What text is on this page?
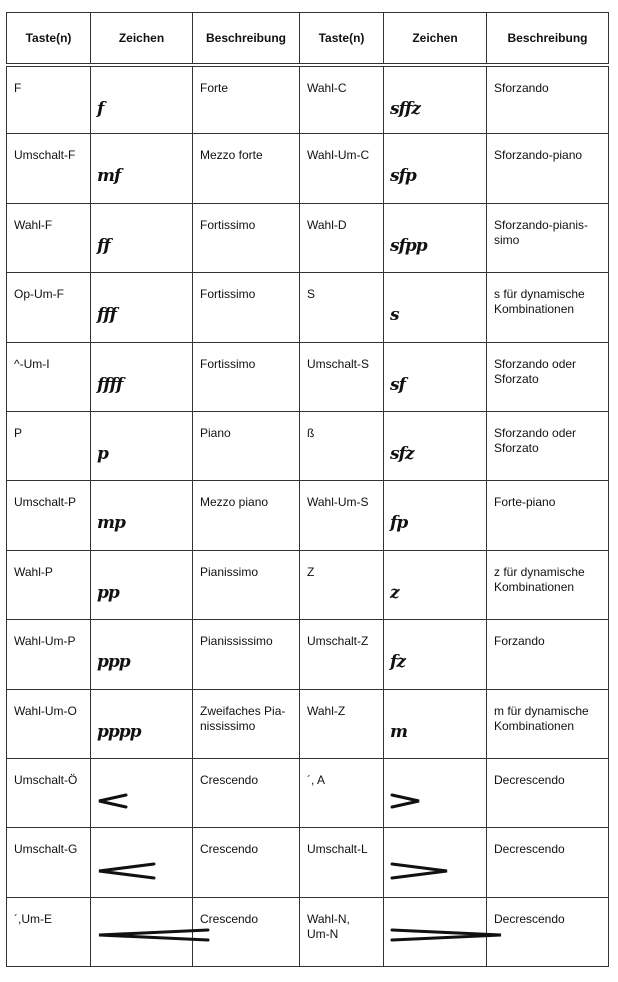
Taste(n)	Zeichen	Beschreibung	Taste(n)	Zeichen	Beschreibung

F	f	Forte	Wahl-C	sffz	Sforzando

Umschalt-F	mf	Mezzo forte	Wahl-Um-C	sfp	Sforzando-piano

Wahl-F	ff	Fortissimo	Wahl-D	sfpp	Sforzando-pianis-
simo

Op-Um-F	fff	Fortissimo	S	s	s für dynamische
Kombinationen

^-Um-I	ffff	Fortissimo	Umschalt-S	sf	Sforzando oder
Sforzato

P	p	Piano	ß	sfz	Sforzando oder
Sforzato

Umschalt-P	mp	Mezzo piano	Wahl-Um-S	fp	Forte-piano

Wahl-P	pp	Pianissimo	Z	z	z für dynamische
Kombinationen

Wahl-Um-P	ppp	Pianississimo	Umschalt-Z	fz	Forzando

Wahl-Um-O	pppp	Zweifaches Pia-
nississimo	Wahl-Z	m	m für dynamische
Kombinationen

Umschalt-Ö		Crescendo	´, A		Decrescendo

Umschalt-G		Crescendo	Umschalt-L		Decrescendo

´,Um-E		Crescendo	Wahl-N,
Um-N		Decrescendo
